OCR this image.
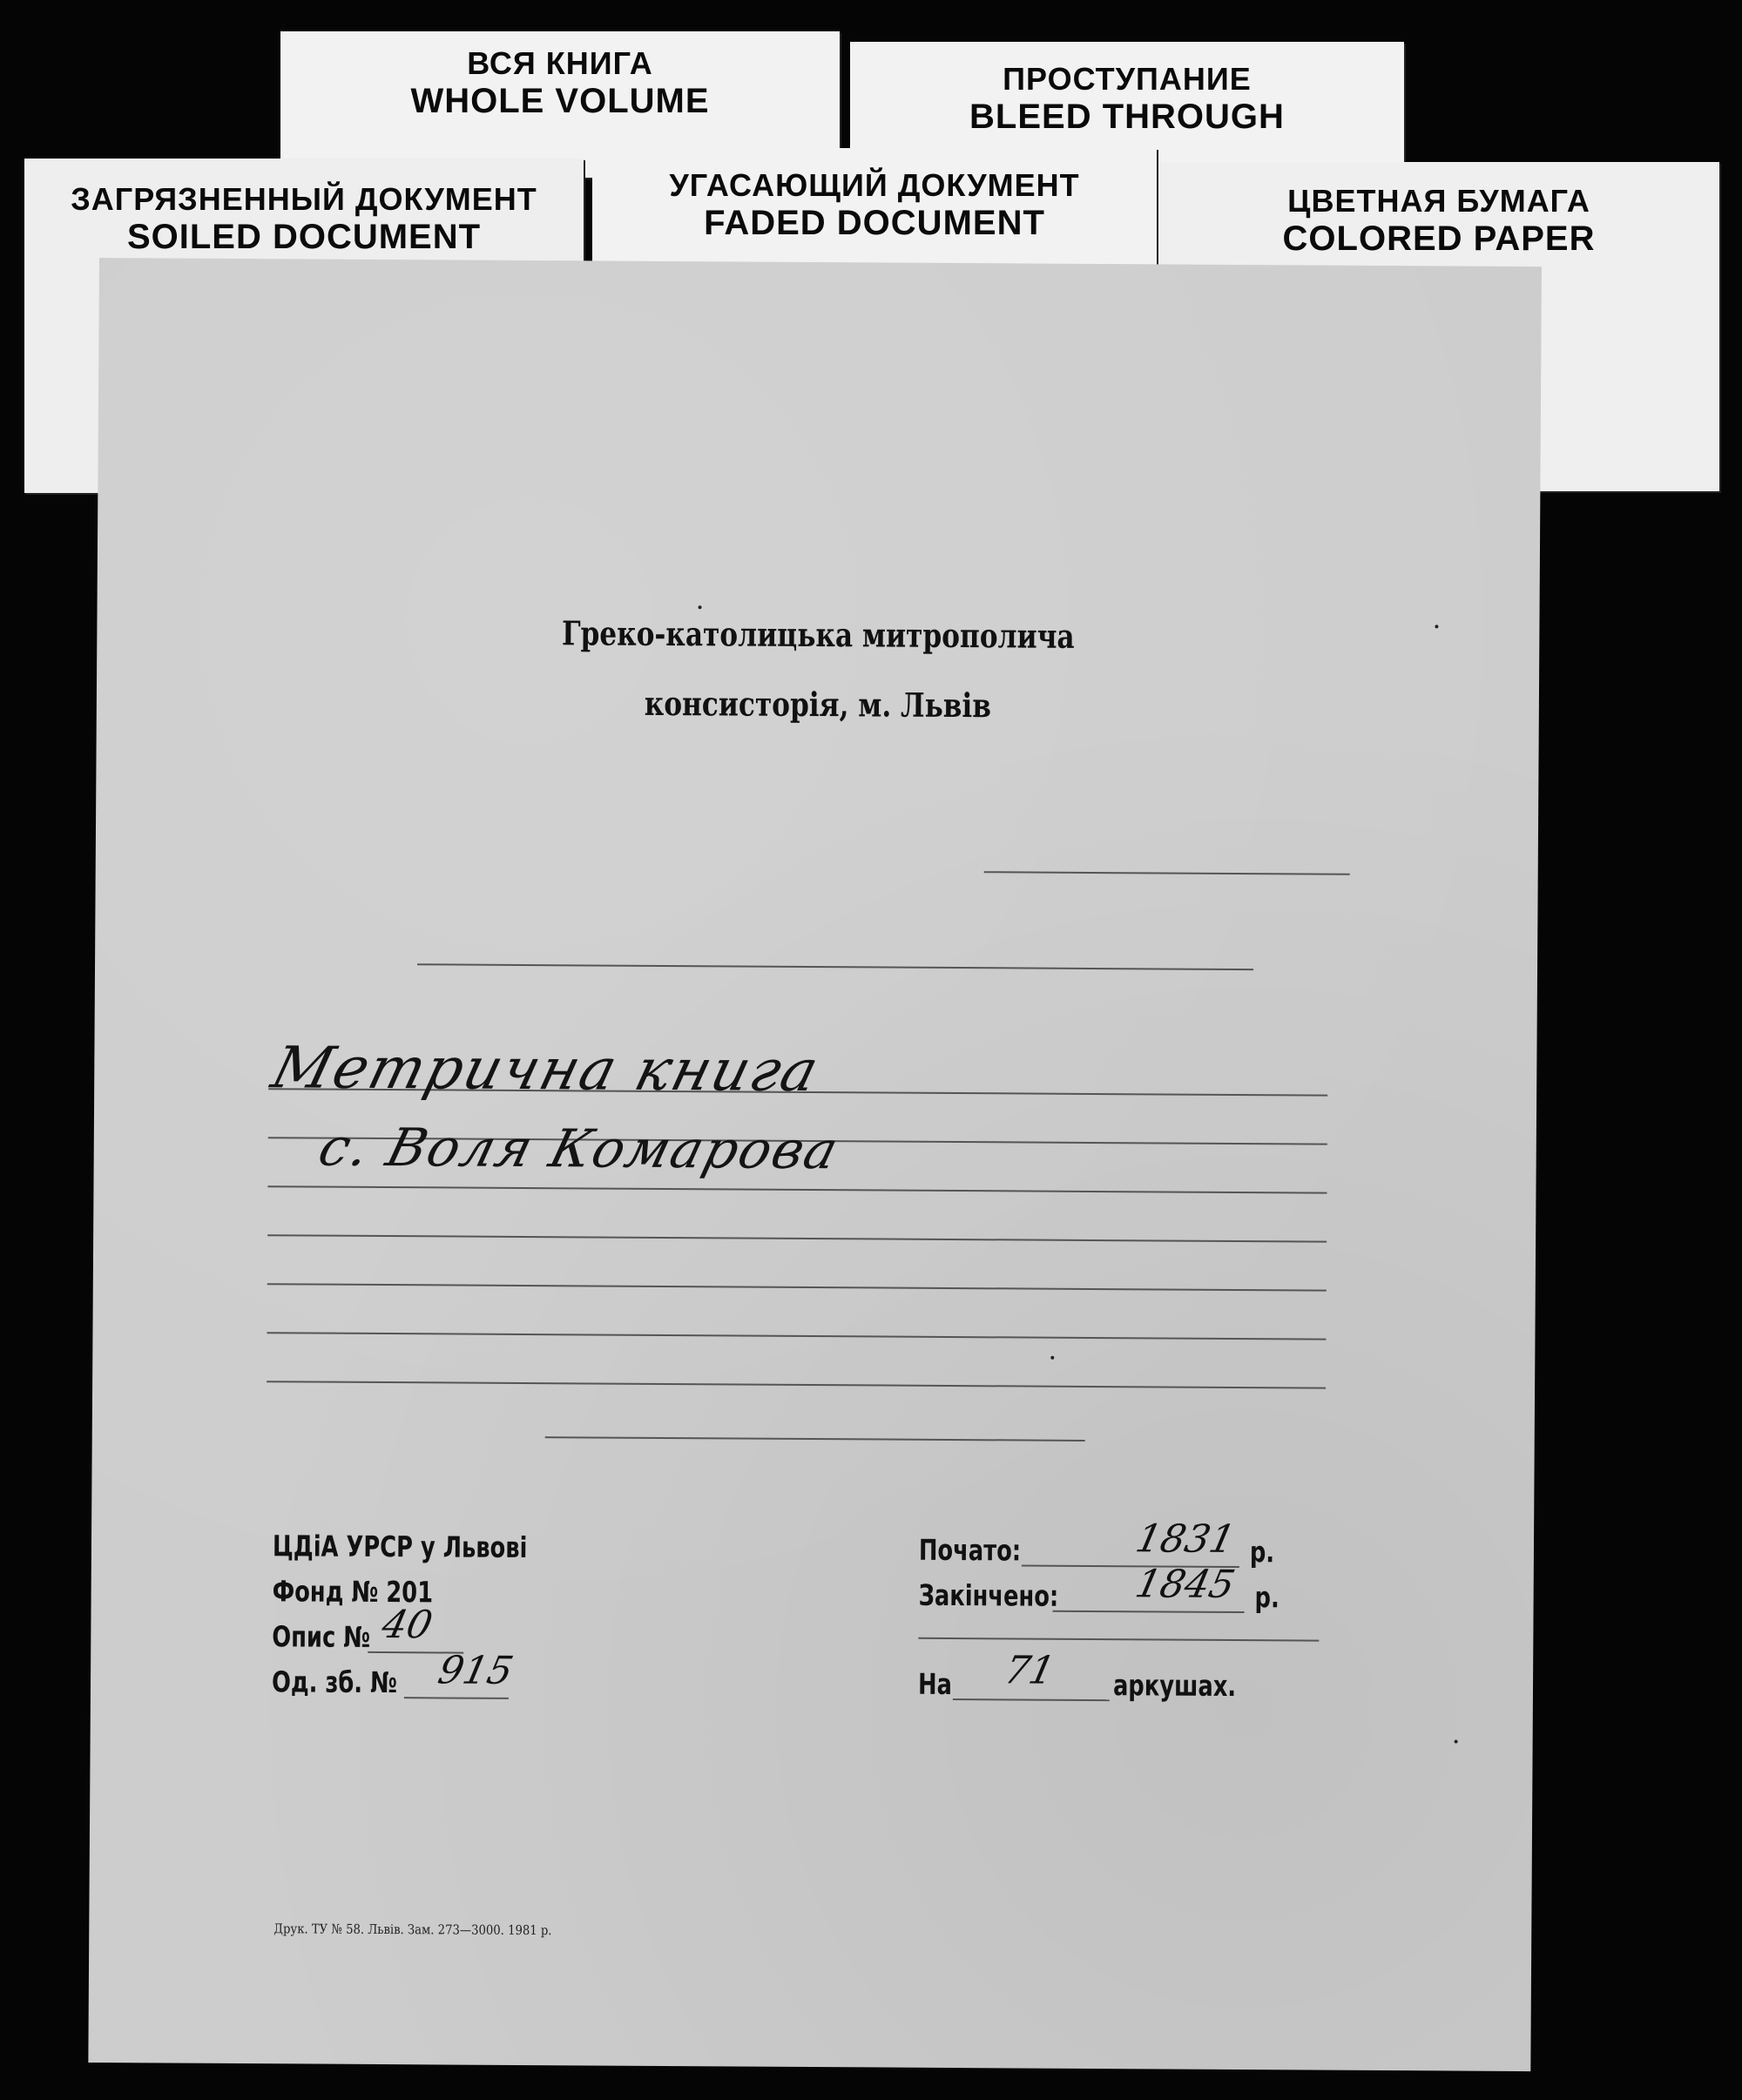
ВСЯ КНИГА
WHOLE VOLUME
ПРОСТУПАНИЕ
BLEED THROUGH
ЗАГРЯЗНЕННЫЙ ДОКУМЕНТ
SOILED DOCUMENT
ЦВЕТНАЯ БУМАГА
COLORED PAPER
УГАСАЮЩИЙ ДОКУМЕНТ
FADED DOCUMENT
Греко-католицька митрополича
консисторія, м. Львів
Метрична книга
с. Воля Комарова
ЦДіА УРСР у Львові
Фонд № 201
Опис № 40
Од. зб. № 915
Почато:	1831 р.
Закінчено: 1845 р.
На 71 аркушах.
Друк. ТУ № 58. Львів. Зам. 273—3000. 1981 р.
